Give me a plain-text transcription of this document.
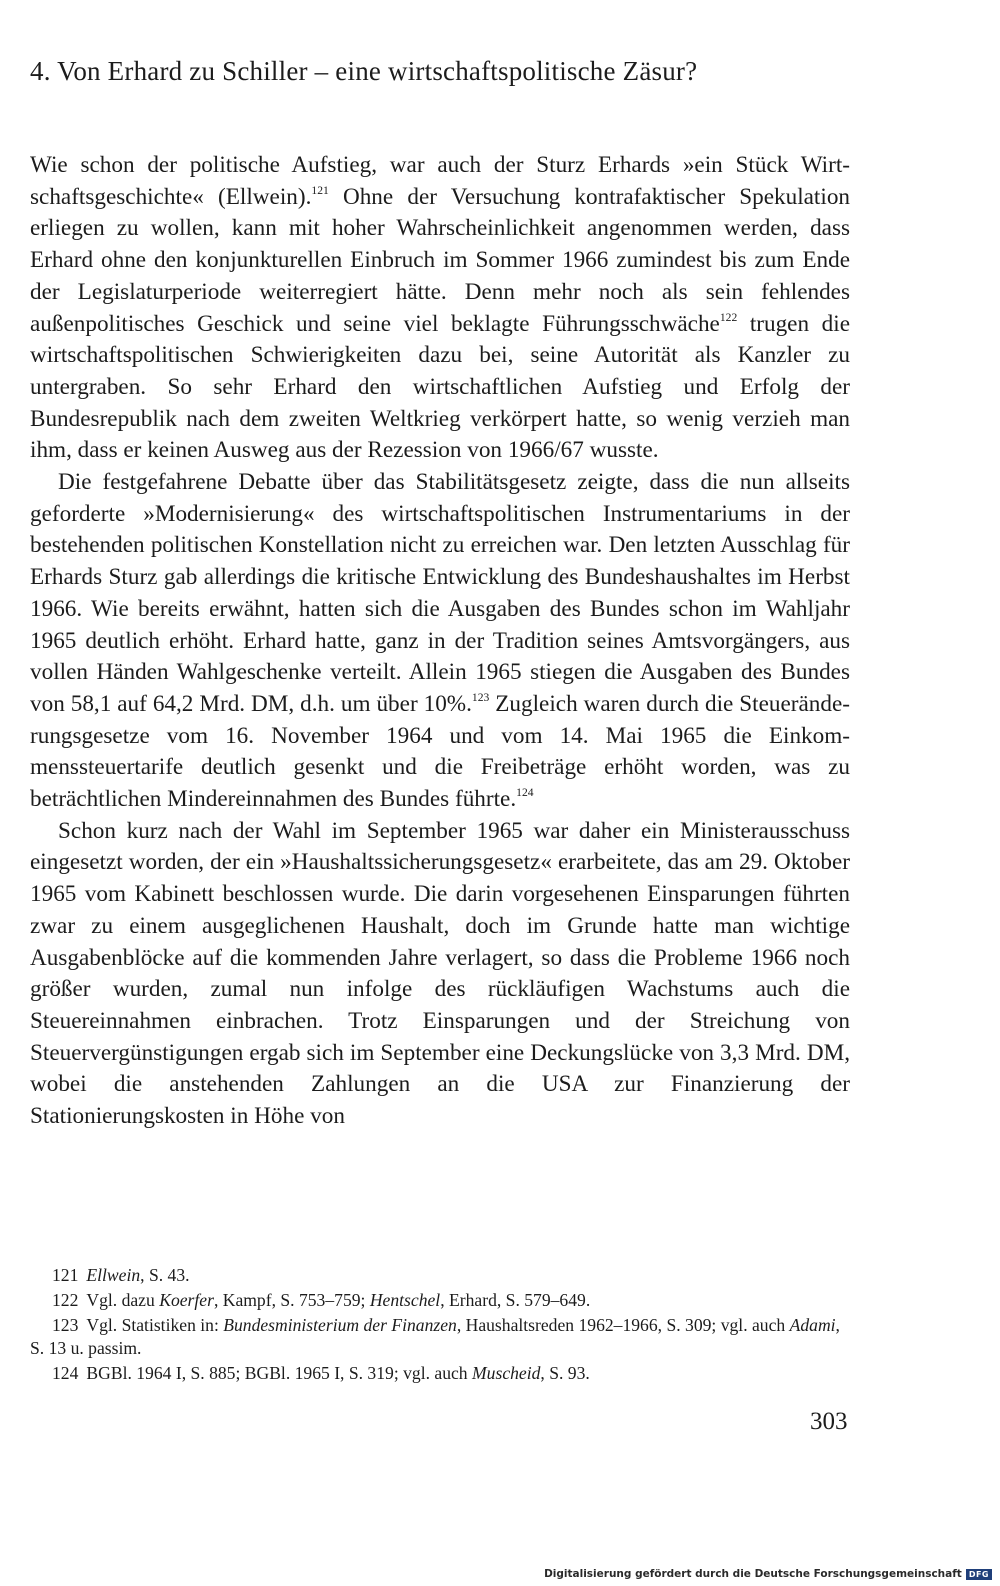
4. Von Erhard zu Schiller – eine wirtschaftspolitische Zäsur?

Wie schon der politische Aufstieg, war auch der Sturz Erhards »ein Stück Wirtschaftsgeschichte« (Ellwein).$^{121}$ Ohne der Versuchung kontrafaktischer Spekulation erliegen zu wollen, kann mit hoher Wahrscheinlichkeit angenommen werden, dass Erhard ohne den konjunkturellen Einbruch im Sommer 1966 zumindest bis zum Ende der Legislaturperiode weiterregiert hätte. Denn mehr noch als sein fehlendes außenpolitisches Geschick und seine viel beklagte Führungsschwäche$^{122}$ trugen die wirtschaftspolitischen Schwierigkeiten dazu bei, seine Autorität als Kanzler zu untergraben. So sehr Erhard den wirtschaftlichen Aufstieg und Erfolg der Bundesrepublik nach dem zweiten Weltkrieg verkörpert hatte, so wenig verzieh man ihm, dass er keinen Ausweg aus der Rezession von 1966/67 wusste.

Die festgefahrene Debatte über das Stabilitätsgesetz zeigte, dass die nun allseits geforderte »Modernisierung« des wirtschaftspolitischen Instrumentariums in der bestehenden politischen Konstellation nicht zu erreichen war. Den letzten Ausschlag für Erhards Sturz gab allerdings die kritische Entwicklung des Bundeshaushaltes im Herbst 1966. Wie bereits erwähnt, hatten sich die Ausgaben des Bundes schon im Wahljahr 1965 deutlich erhöht. Erhard hatte, ganz in der Tradition seines Amtsvorgängers, aus vollen Händen Wahlgeschenke verteilt. Allein 1965 stiegen die Ausgaben des Bundes von 58,1 auf 64,2 Mrd. DM, d.h. um über 10%.$^{123}$ Zugleich waren durch die Steueränderungsgesetze vom 16. November 1964 und vom 14. Mai 1965 die Einkommenssteuertarife deutlich gesenkt und die Freibeträge erhöht worden, was zu beträchtlichen Mindereinnahmen des Bundes führte.$^{124}$

Schon kurz nach der Wahl im September 1965 war daher ein Ministerausschuss eingesetzt worden, der ein »Haushaltssicherungsgesetz« erarbeitete, das am 29. Oktober 1965 vom Kabinett beschlossen wurde. Die darin vorgesehenen Einsparungen führten zwar zu einem ausgeglichenen Haushalt, doch im Grunde hatte man wichtige Ausgabenblöcke auf die kommenden Jahre verlagert, so dass die Probleme 1966 noch größer wurden, zumal nun infolge des rückläufigen Wachstums auch die Steuereinnahmen einbrachen. Trotz Einsparungen und der Streichung von Steuervergünstigungen ergab sich im September eine Deckungslücke von 3,3 Mrd. DM, wobei die anstehenden Zahlungen an die USA zur Finanzierung der Stationierungskosten in Höhe von

121 Ellwein, S. 43.

122 Vgl. dazu Koerfer, Kampf, S. 753–759; Hentschel, Erhard, S. 579–649.

123 Vgl. Statistiken in: Bundesministerium der Finanzen, Haushaltsreden 1962–1966, S. 309; vgl. auch Adami, S. 13 u. passim.

124 BGBl. 1964 I, S. 885; BGBl. 1965 I, S. 319; vgl. auch Muscheid, S. 93.

303

Digitalisierung gefördert durch die Deutsche Forschungsgemeinschaft DFG
